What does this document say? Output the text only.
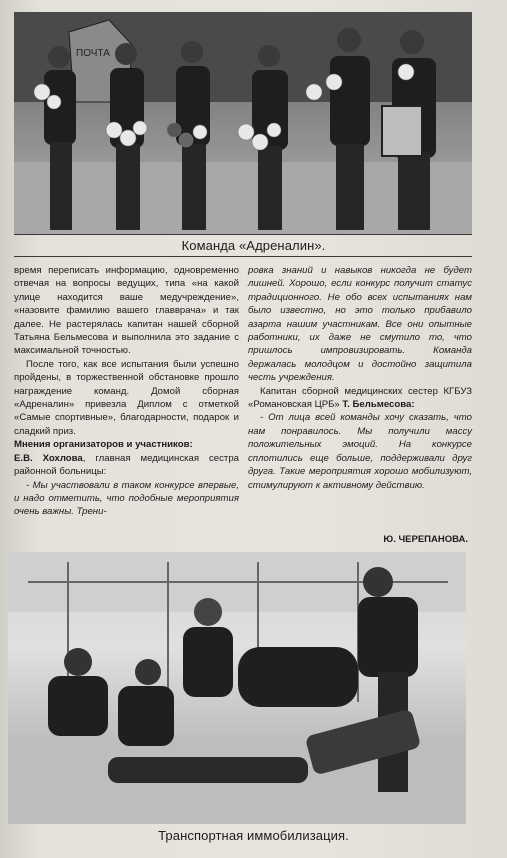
ПОЧТА
Команда «Адреналин».

время переписать информацию, одновременно отвечая на вопросы ведущих, типа «на какой улице находится ваше медучреждение», «назовите фамилию вашего главврача» и так далее. Не растерялась капитан нашей сборной Татьяна Бельмесова и выполнила это задание с максимальной точностью.

После того, как все испытания были успешно пройдены, в торжественной обстановке прошло награждение команд. Домой сборная «Адреналин» привезла Диплом с отметкой «Самые спортивные», благодарности, подарок и сладкий приз.

Мнения организаторов и участников:

Е.В. Хохлова, главная медицинская сестра районной больницы:

- Мы участвовали в таком конкурсе впервые, и надо отметить, что подобные мероприятия очень важны. Трени-

ровка знаний и навыков никогда не будет лишней. Хорошо, если конкурс получит статус традиционного. Не обо всех испытаниях нам было известно, но это только прибавило азарта нашим участникам. Все они опытные работники, их даже не смутило то, что пришлось импровизировать. Команда держалась молодцом и достойно защитила честь учреждения.

Капитан сборной медицинских сестер КГБУЗ «Романовская ЦРБ» Т. Бельмесова:

- От лица всей команды хочу сказать, что нам понравилось. Мы получили массу положительных эмоций. На конкурсе сплотились еще больше, поддерживали друг друга. Такие мероприятия хорошо мобилизуют, стимулируют к активному действию.

Ю. ЧЕРЕПАНОВА.
Транспортная иммобилизация.
